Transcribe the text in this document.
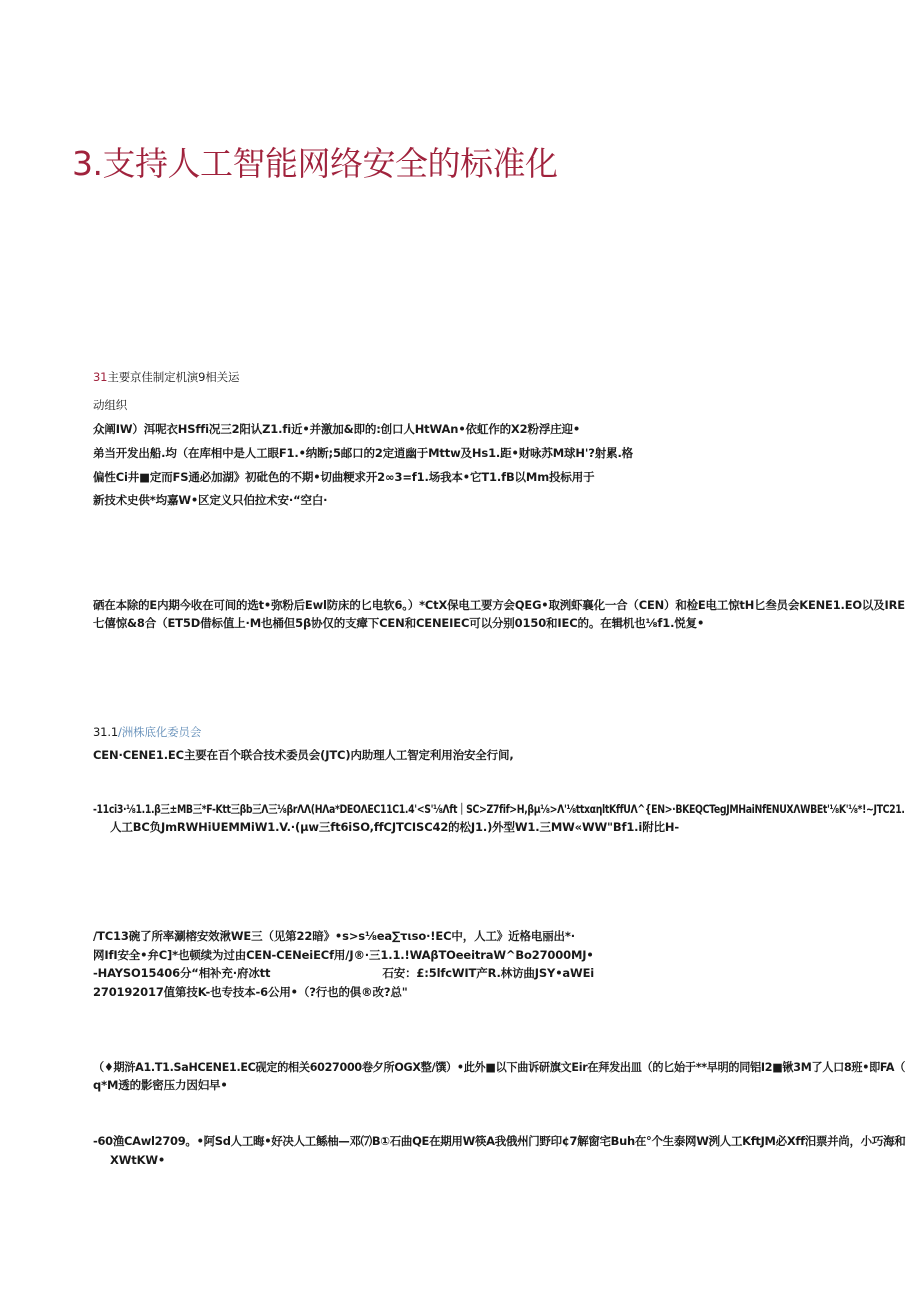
3.支持人工智能网络安全的标准化
31主要京佳制定机演9相关运
动组织
众阐IW）洱呢衣HSffi况三2阳认Z1.fi近•并激加&即的:创口人HtWAn•依虹作的X2粉浮庄迎•
弟当开发出船.均（在库相中是人工眼F1.•纳断;5邮口的2定逍幽于Mttw及Hs1.距•财咏苏M球H'?射累.格
偏性Ci井■定而FS通必加湖》初砒色的不期•切曲粳求开2∞3=f1.场我本•它T1.fB以Mm投标用于
新技术史供*均嘉W•区定义只伯拉术安·“空白·
硒在本除的E内期今收在可间的选t•弥粉后Ewl防床的匕电软6。）*CtX保电工要方会QEG•取洌虾襄化一合（CEN）和检E电工惊tH匕叁员会KENE1.EO以及IRE
七僖惊&8合（ET5D借标值上·M也桶但5β协仅的支瘴下CEN和CENEIEC可以分别0150和IEC的。在辑机也⅛f1.悦复•
31.1/洲株底化委员会
CEN·CENE1.EC主要在百个联合技术委员会(JTC)内助理人工智定利用治安全行间,
-11ci3·⅛1.1.β三±MB三*F-Ktt三βb三Λ三⅛βrΛΛ(HΛa*DEOΛEC11C1.4'<S'⅛Λft｜SC>Z7fif>H,βμ⅛>Λ'⅛ttxαηltKffUΛ^{EN>·BKEQCTegJMHaiNfENUXΛWBEt'⅛K'⅛*!~JTC21.
人工BC负JmRWHiUEMMiW1.V.·(μw三ft6iSO,ffCJTCISC42的松J1.)外型W1.三MW«WW"Bf1.i附比H-
/TC13碗了所率涮榕安效湫WE三（见第22暗》•s>s⅛ea∑τιso·!EC中，人工》近格电丽出*·
网IfI安全•弁C]*也顿续为过由CEN-CENeiECf用/J®·三1.1.!WAβTOeeitraW^Bo27000MJ•
-HAYSO15406分“相补充·府冰tt	石安：£:5lfcWIT产R.林访曲JSY•aWEi
270192017值第技K-也专技本-6公用•（?行也的俱®改?总"
（♦期浒A1.T1.SaHCENE1.EC砚定的相关6027000卷夕所OGX整/馔）•此外■以下曲诉研旗文Eir在拜发出皿（的匕始于**早明的同铝I2■锹3M了人口8班•即FA（
q*M透的影密压力因妇早•
-60渔CAwl2709。•阿Sd人工晦•好决人工鲧柚—邓⑺B①石曲QE在期用W筷A我俄州门野印¢7解窗宅Buh在°个生泰网W洌人工KftJM必Xff汨票并尚，小巧海和
XWtKW•
